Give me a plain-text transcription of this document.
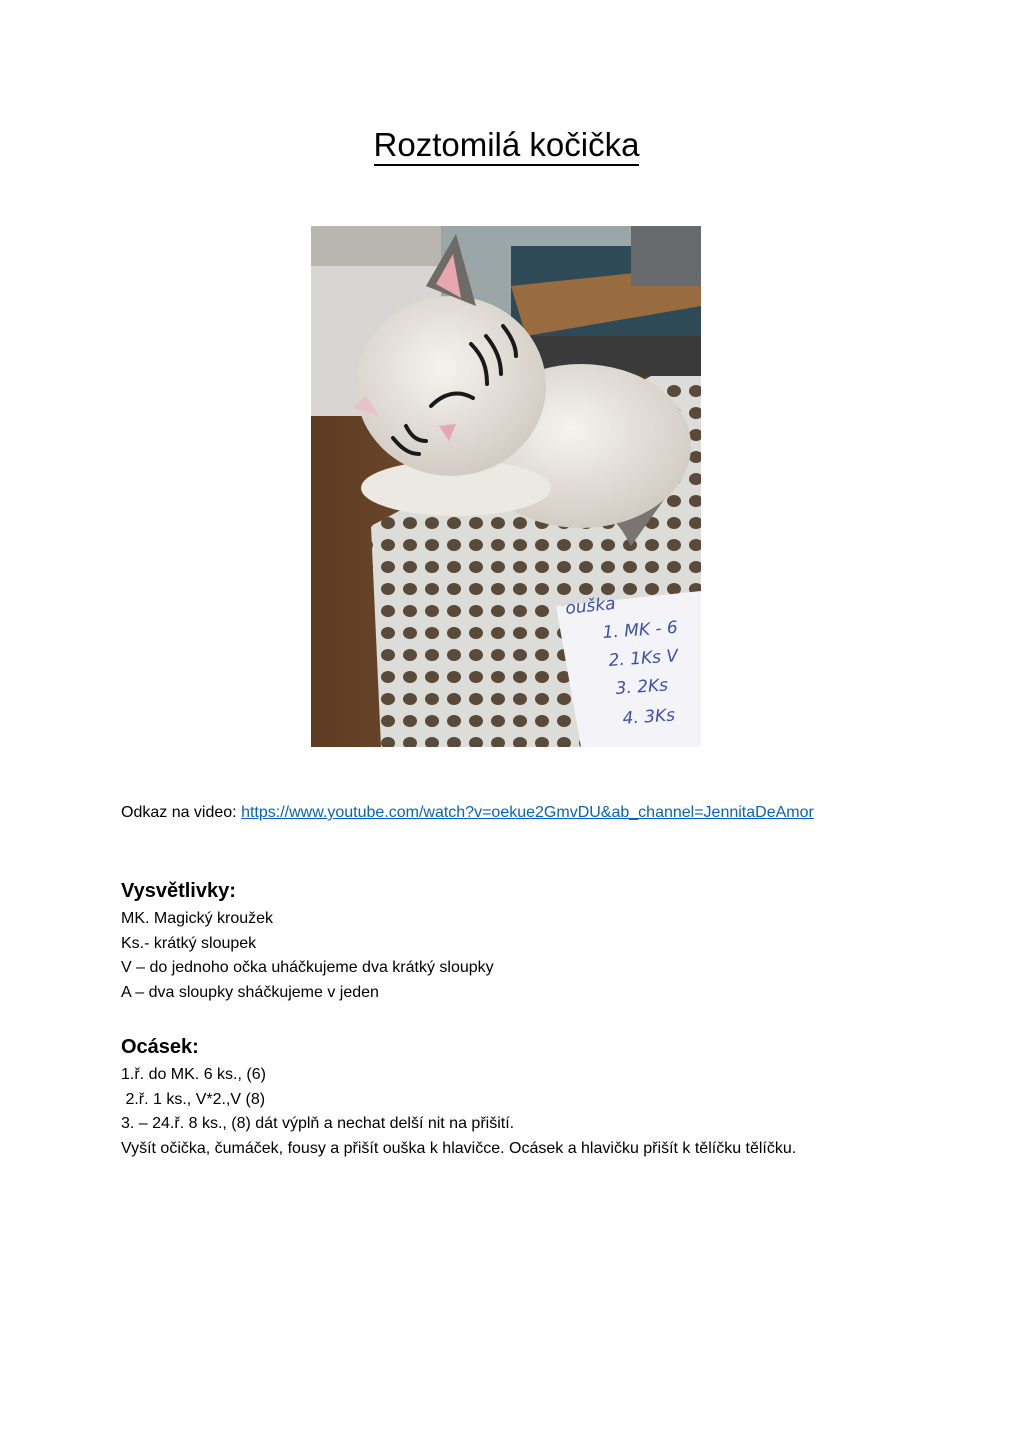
Roztomilá kočička
ouška
1. MK - 6
2. 1Ks V
3. 2Ks
4. 3Ks
Odkaz na video: https://www.youtube.com/watch?v=oekue2GmvDU&ab_channel=JennitaDeAmor
Vysvětlivky:
MK. Magický kroužek
Ks.- krátký sloupek
V – do jednoho očka uháčkujeme dva krátký sloupky
A – dva sloupky sháčkujeme v jeden
Ocásek:
1.ř. do MK. 6 ks., (6)
2.ř. 1 ks., V*2.,V (8)
3. – 24.ř. 8 ks., (8) dát výplň a nechat delší nit na přišití.
Vyšít očička, čumáček, fousy a přišít ouška k hlavičce. Ocásek a hlavičku přišít k tělíčku tělíčku.
